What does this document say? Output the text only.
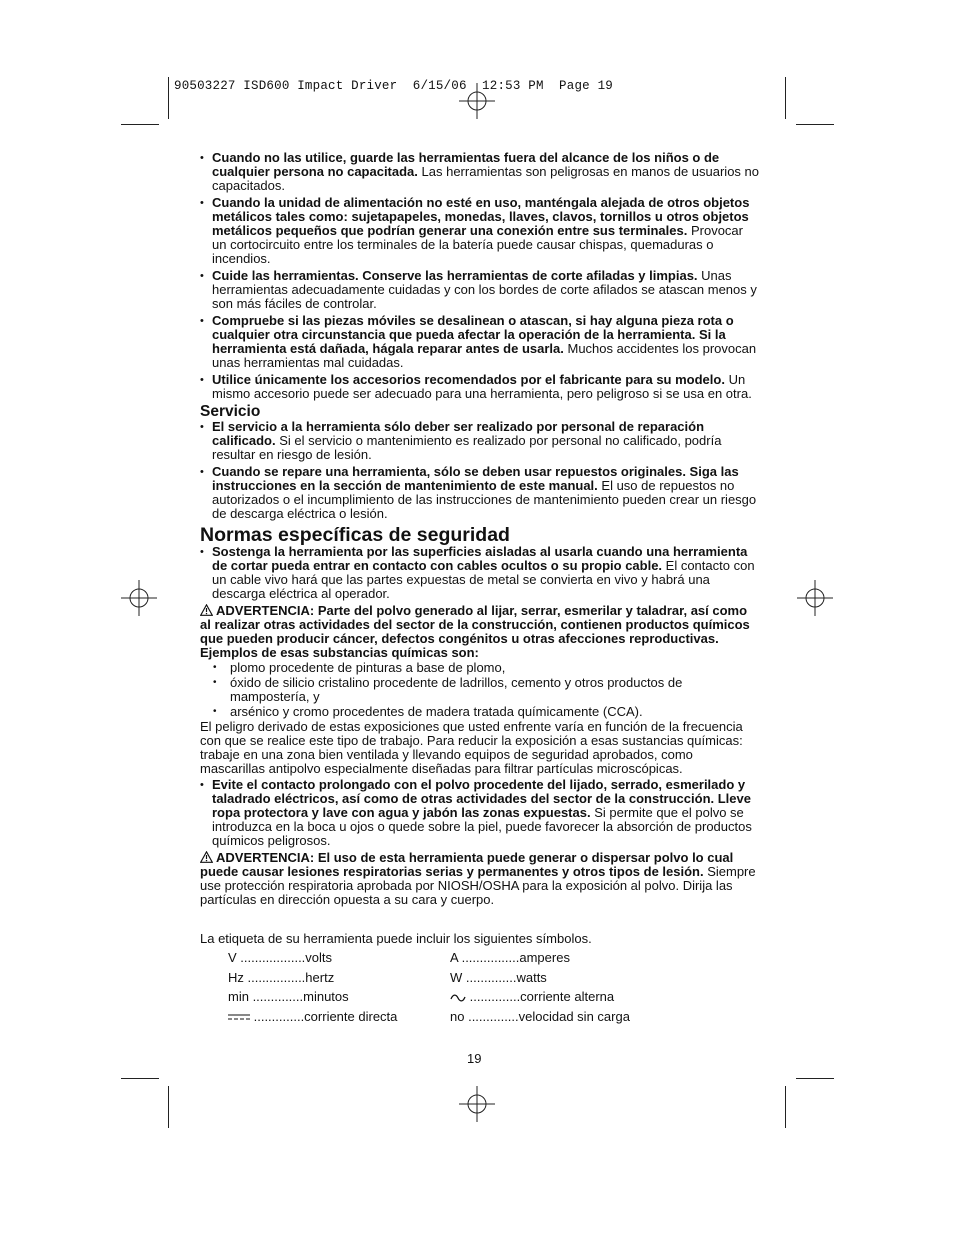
90503227 ISD600 Impact Driver  6/15/06  12:53 PM  Page 19
• Cuando no las utilice, guarde las herramientas fuera del alcance de los niños o de cualquier persona no capacitada. Las herramientas son peligrosas en manos de usuarios no capacitados.
• Cuando la unidad de alimentación no esté en uso, manténgala alejada de otros objetos metálicos tales como: sujetapapeles, monedas, llaves, clavos, tornillos u otros objetos metálicos pequeños que podrían generar una conexión entre sus terminales. Provocar un cortocircuito entre los terminales de la batería puede causar chispas, quemaduras o incendios.
• Cuide las herramientas. Conserve las herramientas de corte afiladas y limpias. Unas herramientas adecuadamente cuidadas y con los bordes de corte afilados se atascan menos y son más fáciles de controlar.
• Compruebe si las piezas móviles se desalinean o atascan, si hay alguna pieza rota o cualquier otra circunstancia que pueda afectar la operación de la herramienta. Si la herramienta está dañada, hágala reparar antes de usarla. Muchos accidentes los provocan unas herramientas mal cuidadas.
• Utilice únicamente los accesorios recomendados por el fabricante para su modelo. Un mismo accesorio puede ser adecuado para una herramienta, pero peligroso si se usa en otra.
Servicio
• El servicio a la herramienta sólo deber ser realizado por personal de reparación calificado. Si el servicio o mantenimiento es realizado por personal no calificado, podría resultar en riesgo de lesión.
• Cuando se repare una herramienta, sólo se deben usar repuestos originales. Siga las instrucciones en la sección de mantenimiento de este manual. El uso de repuestos no autorizados o el incumplimiento de las instrucciones de mantenimiento pueden crear un riesgo de descarga eléctrica o lesión.
Normas específicas de seguridad
• Sostenga la herramienta por las superficies aisladas al usarla cuando una herramienta de cortar pueda entrar en contacto con cables ocultos o su propio cable. El contacto con un cable vivo hará que las partes expuestas de metal se convierta en vivo y habrá una descarga eléctrica al operador.
ADVERTENCIA: Parte del polvo generado al lijar, serrar, esmerilar y taladrar, así como al realizar otras actividades del sector de la construcción, contienen productos químicos que pueden producir cáncer, defectos congénitos u otras afecciones reproductivas. Ejemplos de esas substancias químicas son:
• plomo procedente de pinturas a base de plomo,
• óxido de silicio cristalino procedente de ladrillos, cemento y otros productos de mampostería, y
• arsénico y cromo procedentes de madera tratada químicamente (CCA).
El peligro derivado de estas exposiciones que usted enfrente varía en función de la frecuencia con que se realice este tipo de trabajo. Para reducir la exposición a esas sustancias químicas: trabaje en una zona bien ventilada y llevando equipos de seguridad aprobados, como mascarillas antipolvo especialmente diseñadas para filtrar partículas microscópicas.
• Evite el contacto prolongado con el polvo procedente del lijado, serrado, esmerilado y taladrado eléctricos, así como de otras actividades del sector de la construcción. Lleve ropa protectora y lave con agua y jabón las zonas expuestas. Si permite que el polvo se introduzca en la boca u ojos o quede sobre la piel, puede favorecer la absorción de productos químicos peligrosos.
ADVERTENCIA: El uso de esta herramienta puede generar o dispersar polvo lo cual puede causar lesiones respiratorias serias y permanentes y otros tipos de lesión. Siempre use protección respiratoria aprobada por NIOSH/OSHA para la exposición al polvo. Dirija las partículas en dirección opuesta a su cara y cuerpo.
La etiqueta de su herramienta puede incluir los siguientes símbolos.
V ..................volts
Hz ................hertz
min ..............minutos
..............corriente directa
A ................amperes
W ..............watts
..............corriente alterna
no ..............velocidad sin carga
19
